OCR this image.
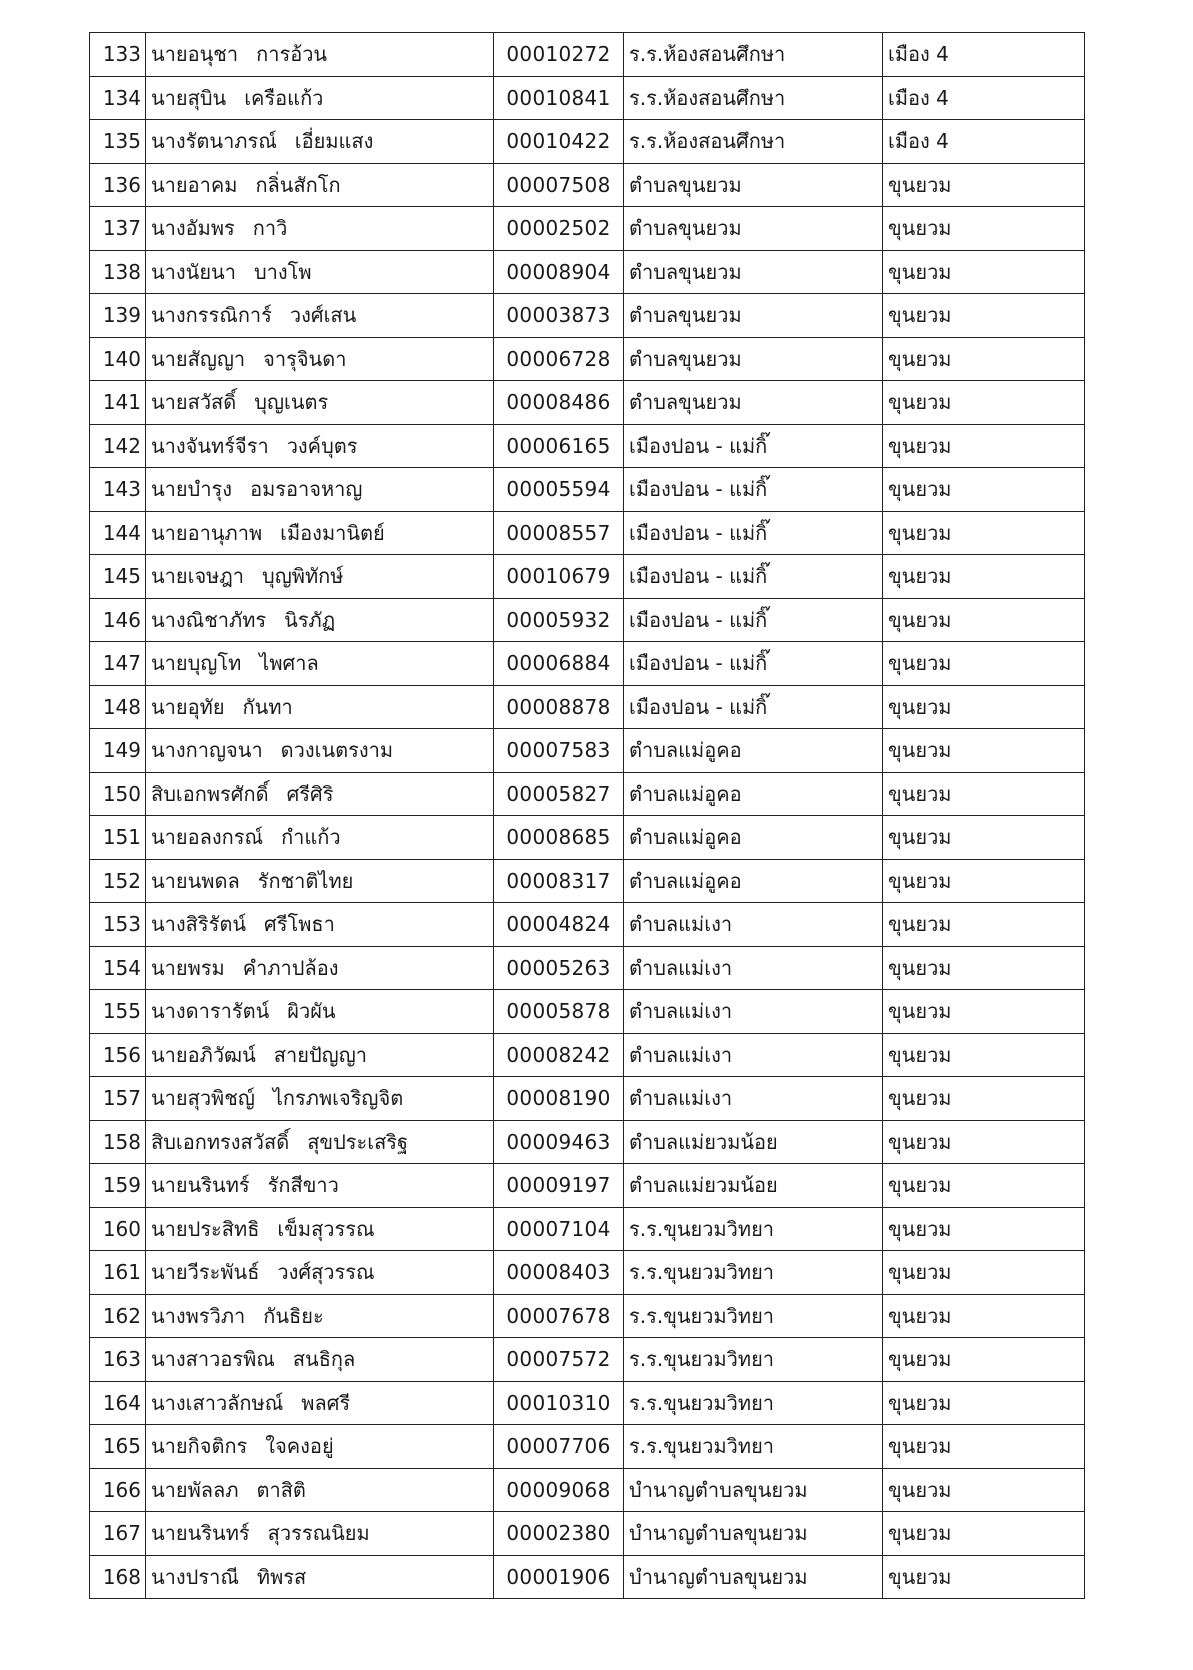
133	นายอนุชา การอ้วน	00010272	ร.ร.ห้องสอนศึกษา	เมือง 4
134	นายสุบิน เครือแก้ว	00010841	ร.ร.ห้องสอนศึกษา	เมือง 4
135	นางรัตนาภรณ์ เอี่ยมแสง	00010422	ร.ร.ห้องสอนศึกษา	เมือง 4
136	นายอาคม กลิ่นสักโก	00007508	ตำบลขุนยวม	ขุนยวม
137	นางอัมพร กาวิ	00002502	ตำบลขุนยวม	ขุนยวม
138	นางนัยนา บางโพ	00008904	ตำบลขุนยวม	ขุนยวม
139	นางกรรณิการ์ วงศ์เสน	00003873	ตำบลขุนยวม	ขุนยวม
140	นายสัญญา จารุจินดา	00006728	ตำบลขุนยวม	ขุนยวม
141	นายสวัสดิ์ บุญเนตร	00008486	ตำบลขุนยวม	ขุนยวม
142	นางจันทร์จีรา วงค์บุตร	00006165	เมืองปอน - แม่กิ๊	ขุนยวม
143	นายบำรุง อมรอาจหาญ	00005594	เมืองปอน - แม่กิ๊	ขุนยวม
144	นายอานุภาพ เมืองมานิตย์	00008557	เมืองปอน - แม่กิ๊	ขุนยวม
145	นายเจษฎา บุญพิทักษ์	00010679	เมืองปอน - แม่กิ๊	ขุนยวม
146	นางณิชาภัทร นิรภัฏ	00005932	เมืองปอน - แม่กิ๊	ขุนยวม
147	นายบุญโท ไพศาล	00006884	เมืองปอน - แม่กิ๊	ขุนยวม
148	นายอุทัย กันทา	00008878	เมืองปอน - แม่กิ๊	ขุนยวม
149	นางกาญจนา ดวงเนตรงาม	00007583	ตำบลแม่อูคอ	ขุนยวม
150	สิบเอกพรศักดิ์ ศรีศิริ	00005827	ตำบลแม่อูคอ	ขุนยวม
151	นายอลงกรณ์ กำแก้ว	00008685	ตำบลแม่อูคอ	ขุนยวม
152	นายนพดล รักชาติไทย	00008317	ตำบลแม่อูคอ	ขุนยวม
153	นางสิริรัตน์ ศรีโพธา	00004824	ตำบลแม่เงา	ขุนยวม
154	นายพรม คำภาปล้อง	00005263	ตำบลแม่เงา	ขุนยวม
155	นางดารารัตน์ ผิวผัน	00005878	ตำบลแม่เงา	ขุนยวม
156	นายอภิวัฒน์ สายปัญญา	00008242	ตำบลแม่เงา	ขุนยวม
157	นายสุวพิชญ์ ไกรภพเจริญจิต	00008190	ตำบลแม่เงา	ขุนยวม
158	สิบเอกทรงสวัสดิ์ สุขประเสริฐ	00009463	ตำบลแม่ยวมน้อย	ขุนยวม
159	นายนรินทร์ รักสีขาว	00009197	ตำบลแม่ยวมน้อย	ขุนยวม
160	นายประสิทธิ เข็มสุวรรณ	00007104	ร.ร.ขุนยวมวิทยา	ขุนยวม
161	นายวีระพันธ์ วงศ์สุวรรณ	00008403	ร.ร.ขุนยวมวิทยา	ขุนยวม
162	นางพรวิภา กันธิยะ	00007678	ร.ร.ขุนยวมวิทยา	ขุนยวม
163	นางสาวอรพิณ สนธิกุล	00007572	ร.ร.ขุนยวมวิทยา	ขุนยวม
164	นางเสาวลักษณ์ พลศรี	00010310	ร.ร.ขุนยวมวิทยา	ขุนยวม
165	นายกิจติกร ใจคงอยู่	00007706	ร.ร.ขุนยวมวิทยา	ขุนยวม
166	นายพัลลภ ตาสิติ	00009068	บำนาญตำบลขุนยวม	ขุนยวม
167	นายนรินทร์ สุวรรณนิยม	00002380	บำนาญตำบลขุนยวม	ขุนยวม
168	นางปราณี ทิพรส	00001906	บำนาญตำบลขุนยวม	ขุนยวม
